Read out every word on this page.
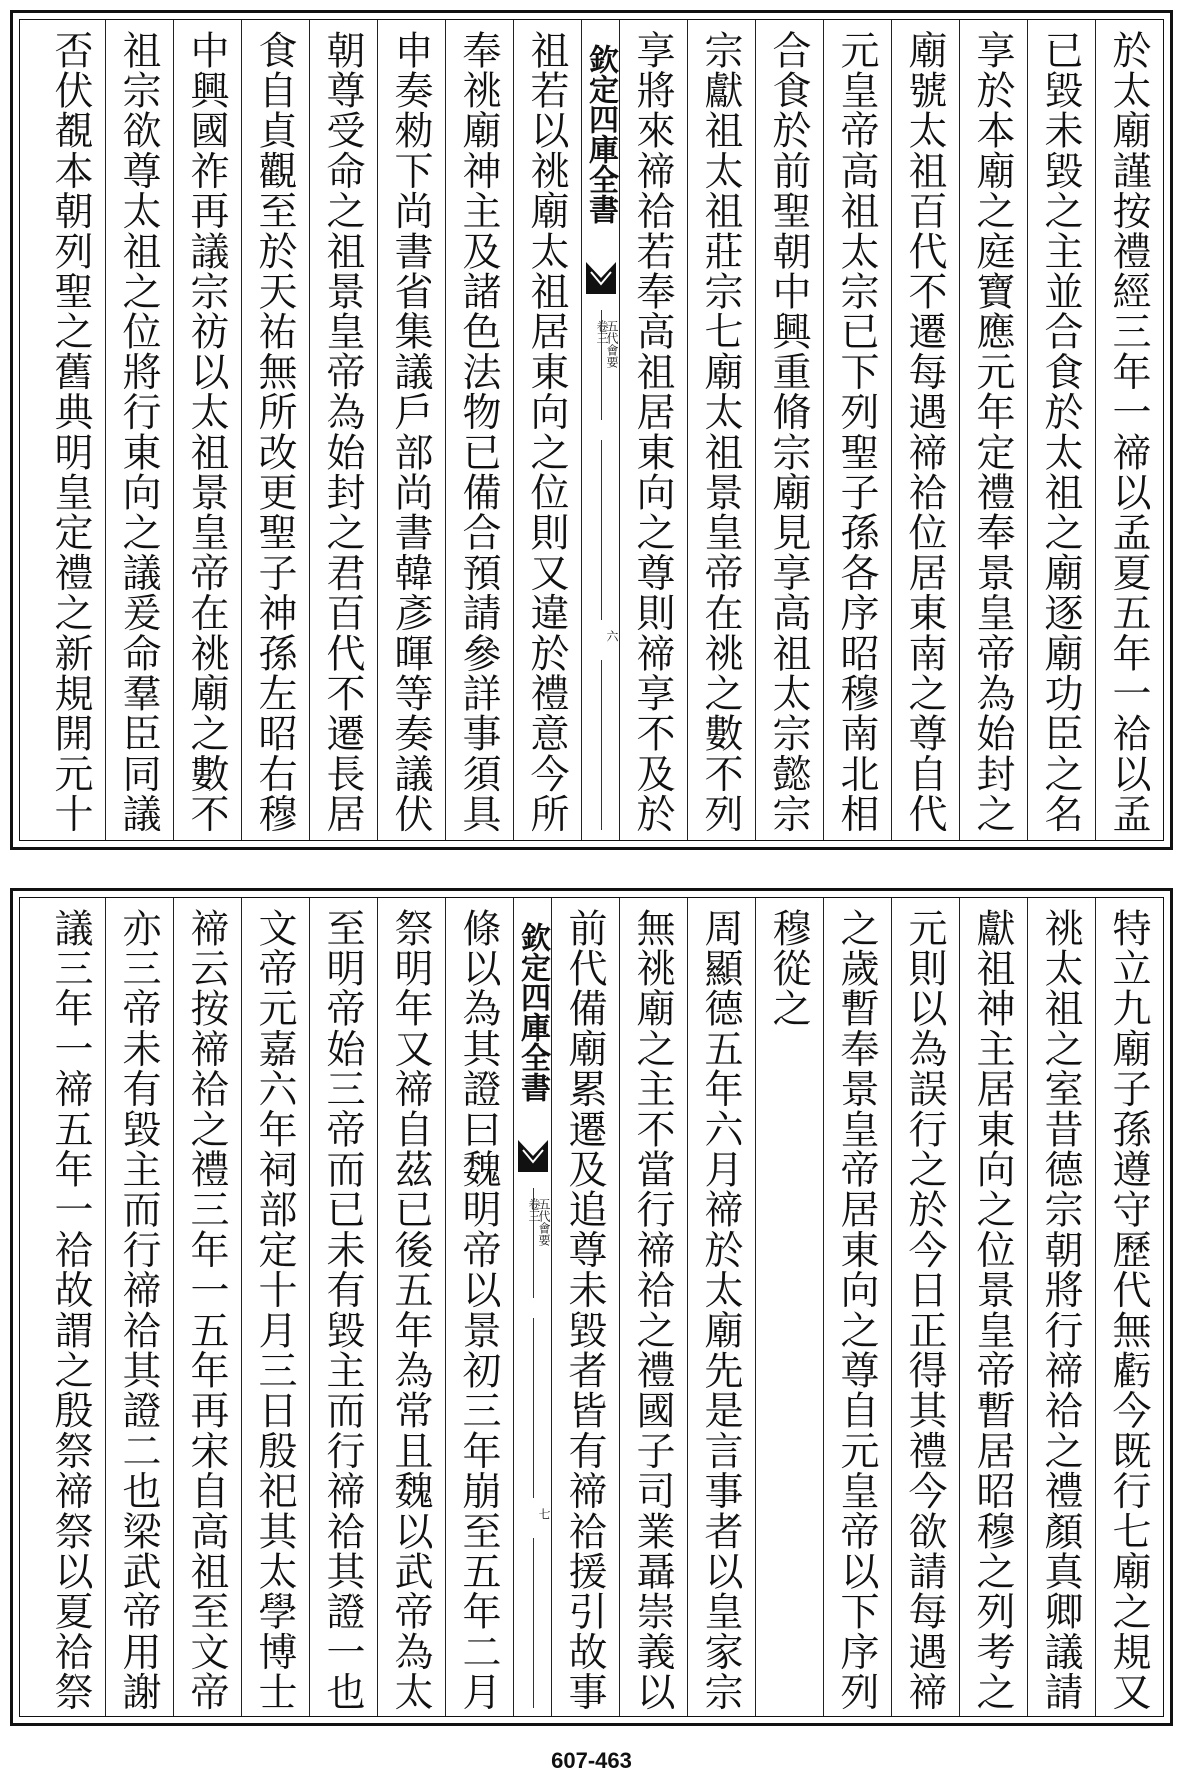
於太廟謹按禮經三年一禘以孟夏五年一祫以孟
已毀未毀之主並合食於太祖之廟逐廟功臣之名
享於本廟之庭寶應元年定禮奉景皇帝為始封之
廟號太祖百代不遷每遇禘祫位居東南之尊自代
元皇帝高祖太宗已下列聖子孫各序昭穆南北相
合食於前聖朝中興重脩宗廟見享高祖太宗懿宗
宗獻祖太祖莊宗七廟太祖景皇帝在祧之數不列
享將來禘祫若奉高祖居東向之尊則禘享不及於
欽定四庫全書
五代會要
卷三
六
祖若以祧廟太祖居東向之位則又違於禮意今所
奉祧廟神主及諸色法物已備合預請參詳事須具
申奏勑下尚書省集議戶部尚書韓彥暉等奏議伏
朝尊受命之祖景皇帝為始封之君百代不遷長居
食自貞觀至於天祐無所改更聖子神孫左昭右穆
中興國祚再議宗祊以太祖景皇帝在祧廟之數不
祖宗欲尊太祖之位將行東向之議爰命羣臣同議
否伏覩本朝列聖之舊典明皇定禮之新規開元十
特立九廟子孫遵守歷代無虧今既行七廟之規又
祧太祖之室昔德宗朝將行禘祫之禮顏真卿議請
獻祖神主居東向之位景皇帝暫居昭穆之列考之
元則以為誤行之於今日正得其禮今欲請每遇禘
之歲暫奉景皇帝居東向之尊自元皇帝以下序列
穆從之
周顯德五年六月禘於太廟先是言事者以皇家宗
無祧廟之主不當行禘祫之禮國子司業聶崇義以
前代備廟累遷及追尊未毀者皆有禘祫援引故事
欽定四庫全書
五代會要
卷三
七
條以為其證曰魏明帝以景初三年崩至五年二月
祭明年又禘自茲已後五年為常且魏以武帝為太
至明帝始三帝而已未有毀主而行禘祫其證一也
文帝元嘉六年祠部定十月三日殷祀其太學博士
禘云按禘祫之禮三年一五年再宋自高祖至文帝
亦三帝未有毀主而行禘祫其證二也梁武帝用謝
議三年一禘五年一祫故謂之殷祭禘祭以夏祫祭
607-463
